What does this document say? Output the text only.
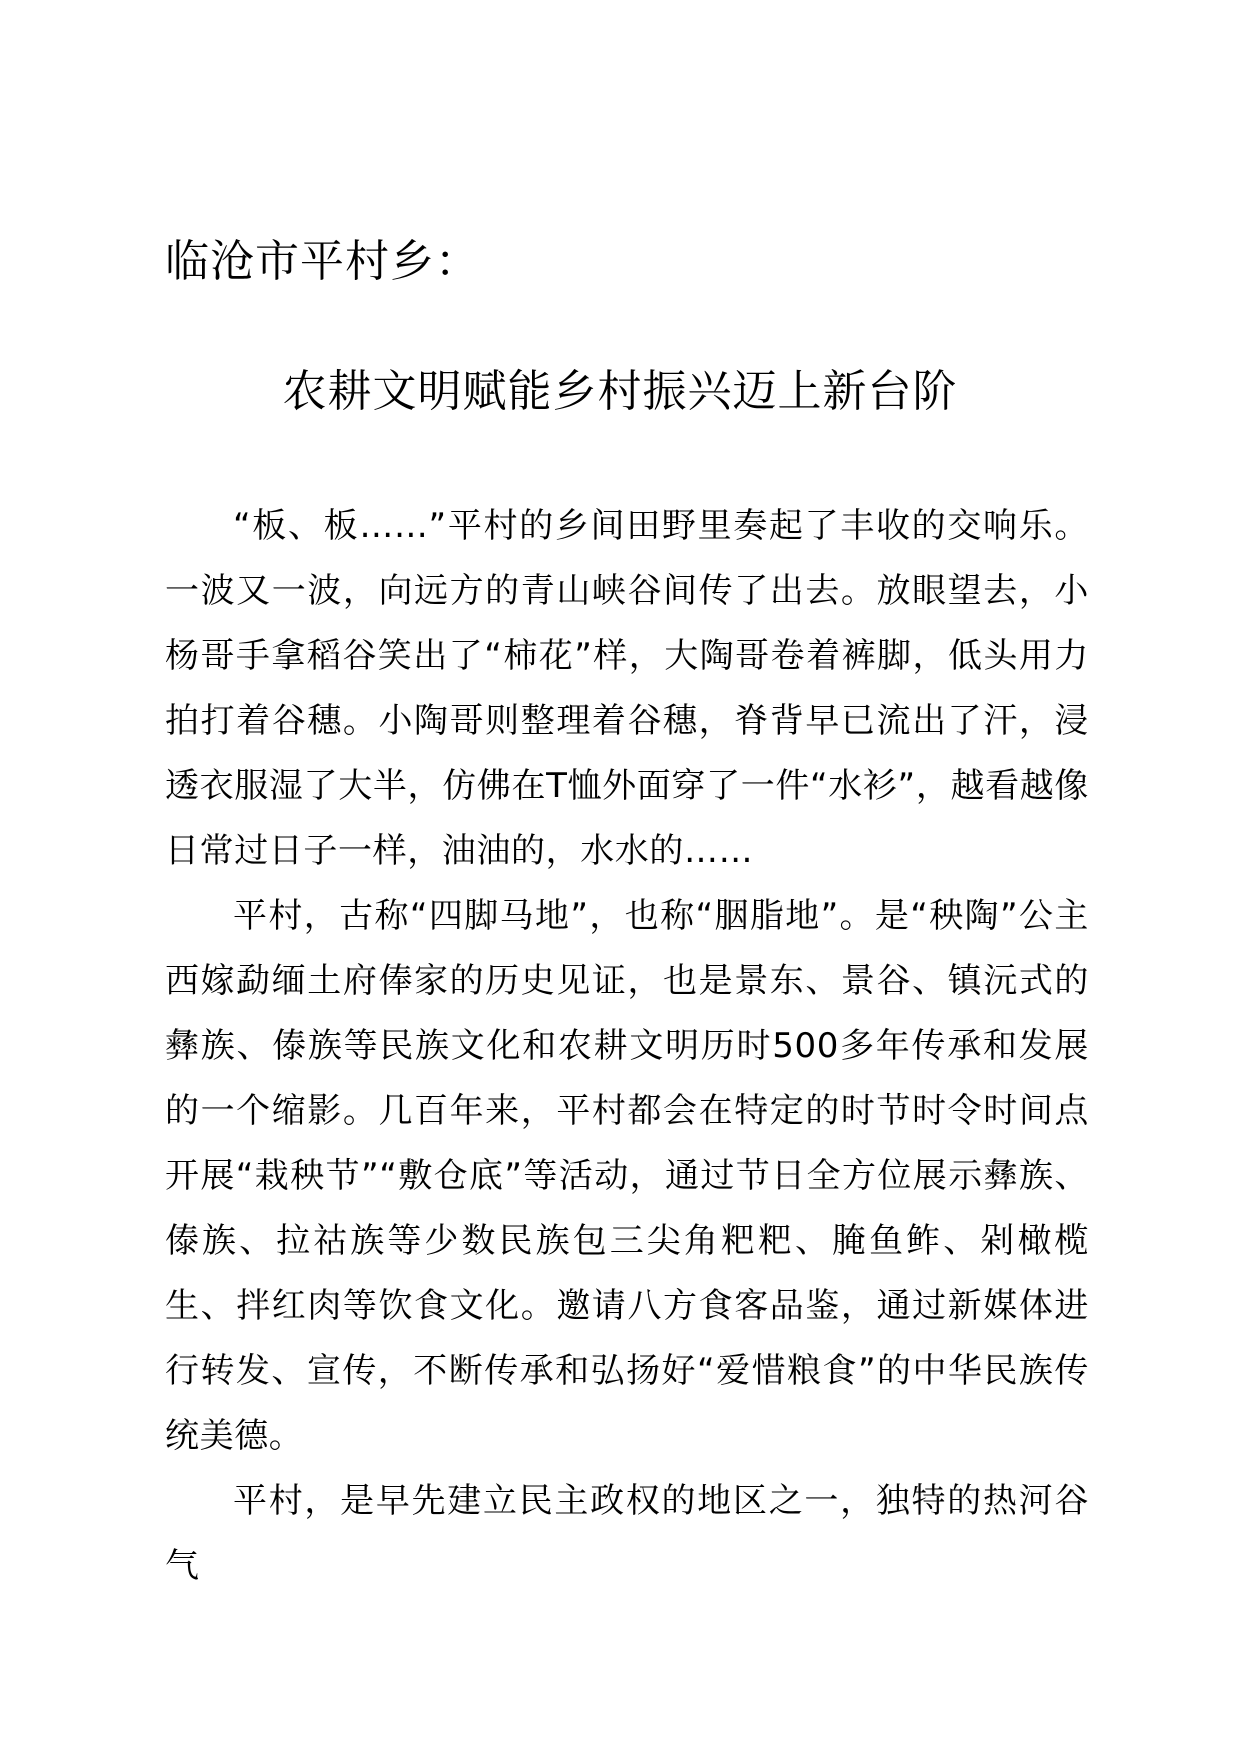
临沧市平村乡：
农耕文明赋能乡村振兴迈上新台阶

“板、板……”平村的乡间田野里奏起了丰收的交响乐。一波又一波，向远方的青山峡谷间传了出去。放眼望去，小杨哥手拿稻谷笑出了“柿花”样，大陶哥卷着裤脚，低头用力拍打着谷穗。小陶哥则整理着谷穗，脊背早已流出了汗，浸透衣服湿了大半，仿佛在T恤外面穿了一件“水衫”，越看越像日常过日子一样，油油的，水水的……

平村，古称“四脚马地”，也称“胭脂地”。是“秧陶”公主西嫁勐缅土府俸家的历史见证，也是景东、景谷、镇沅式的彝族、傣族等民族文化和农耕文明历时500多年传承和发展的一个缩影。几百年来，平村都会在特定的时节时令时间点开展“栽秧节”“敷仓底”等活动，通过节日全方位展示彝族、傣族、拉祜族等少数民族包三尖角粑粑、腌鱼鲊、剁橄榄生、拌红肉等饮食文化。邀请八方食客品鉴，通过新媒体进行转发、宣传，不断传承和弘扬好“爱惜粮食”的中华民族传统美德。

平村，是早先建立民主政权的地区之一，独特的热河谷气
